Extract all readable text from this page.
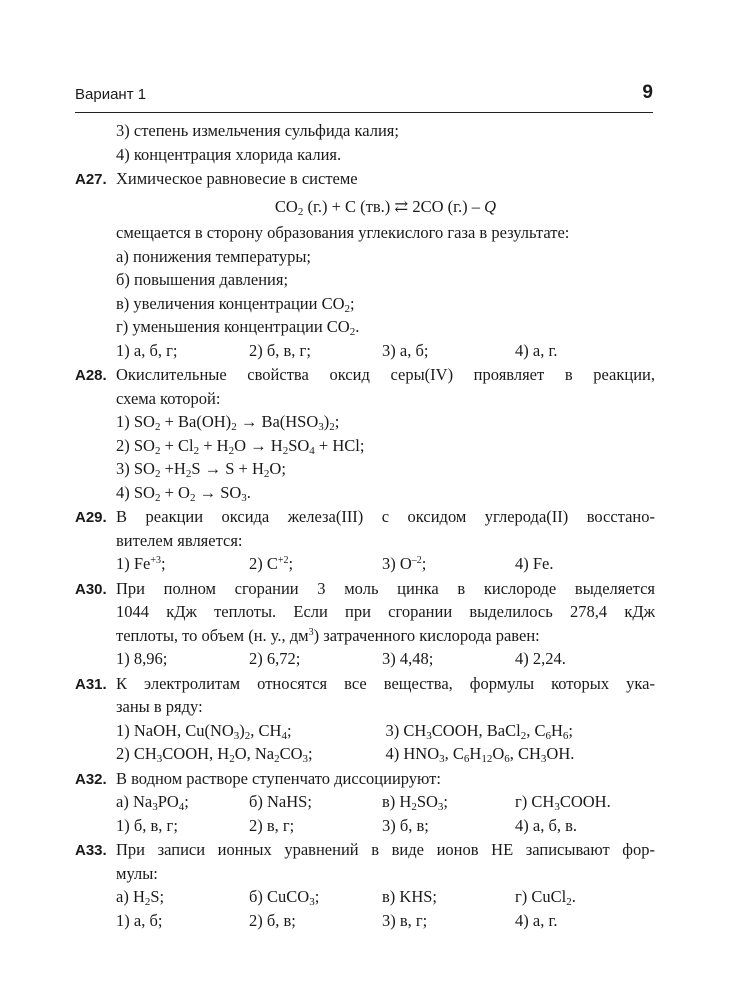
Вариант 1	9
3) степень измельчения сульфида калия;
4) концентрация хлорида калия.
А27. Химическое равновесие в системе
$CO_2$ (г.) + C (тв.) ⇄ 2CO (г.) – Q
смещается в сторону образования углекислого газа в результате:
а) понижения температуры;
б) повышения давления;
в) увеличения концентрации $CO_2$;
г) уменьшения концентрации $CO_2$.
1) а, б, г;	2) б, в, г;	3) а, б;	4) а, г.
А28. Окислительные свойства оксид серы(IV) проявляет в реакции,
схема которой:
1) $SO_2 + Ba(OH)_2 \to Ba(HSO_3)_2$;
2) $SO_2 + Cl_2 + H_2O \to H_2SO_4$ + HCl;
3) $SO_2 +H_2S \to S + H_2O$;
4) $SO_2 + O_2 \to SO_3$.
А29. В реакции оксида железа(III) с оксидом углерода(II) восстано-
вителем является:
1) $Fe^{+3}$;	2) $C^{+2}$;	3) $O^{-2}$;	4) Fe.
А30. При полном сгорании 3 моль цинка в кислороде выделяется
1044 кДж теплоты. Если при сгорании выделилось 278,4 кДж
теплоты, то объем (н. у., $дм^3$) затраченного кислорода равен:
1) 8,96;	2) 6,72;	3) 4,48;	4) 2,24.
А31. К электролитам относятся все вещества, формулы которых ука-
заны в ряду:
1) NaOH, $Cu(NO_3)_2$, $CH_4$;	3) $CH_3COOH$, BaCl$_2$, $C_6H_6$;
2) $CH_3COOH$, $H_2O$, $Na_2CO_3$;	4) $HNO_3$, $C_6H_{12}O_6$, $CH_3OH$.
А32. В водном растворе ступенчато диссоциируют:
а) $Na_3PO_4$;	б) NaHS;	в) $H_2SO_3$;	г) $CH_3COOH$.
1) б, в, г;	2) в, г;	3) б, в;	4) а, б, в.
А33. При записи ионных уравнений в виде ионов НЕ записывают фор-
мулы:
а) $H_2S$;	б) CuCO$_3$;	в) KHS;	г) CuCl$_2$.
1) а, б;	2) б, в;	3) в, г;	4) а, г.
